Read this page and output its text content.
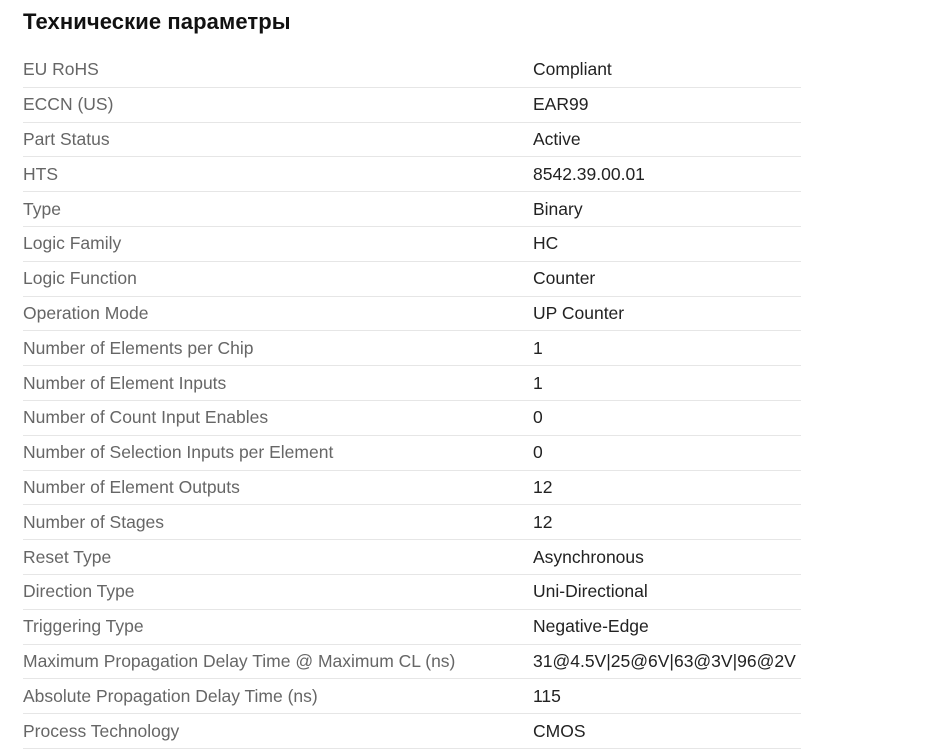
Технические параметры
EU RoHS	Compliant
ECCN (US)	EAR99
Part Status	Active
HTS	8542.39.00.01
Type	Binary
Logic Family	HC
Logic Function	Counter
Operation Mode	UP Counter
Number of Elements per Chip	1
Number of Element Inputs	1
Number of Count Input Enables	0
Number of Selection Inputs per Element	0
Number of Element Outputs	12
Number of Stages	12
Reset Type	Asynchronous
Direction Type	Uni-Directional
Triggering Type	Negative-Edge
Maximum Propagation Delay Time @ Maximum CL (ns)	31@4.5V|25@6V|63@3V|96@2V
Absolute Propagation Delay Time (ns)	115
Process Technology	CMOS
